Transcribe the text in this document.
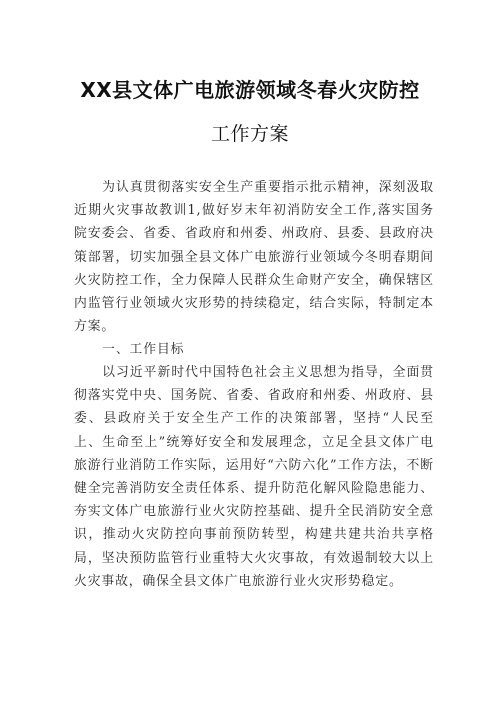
XX县文体广电旅游领域冬春火灾防控
工作方案
为认真贯彻落实安全生产重要指示批示精神，深刻汲取近期火灾事故教训1,做好岁末年初消防安全工作,落实国务院安委会、省委、省政府和州委、州政府、县委、县政府决策部署，切实加强全县文体广电旅游行业领域今冬明春期间火灾防控工作，全力保障人民群众生命财产安全，确保辖区内监管行业领域火灾形势的持续稳定，结合实际，特制定本方案。
一、工作目标
以习近平新时代中国特色社会主义思想为指导，全面贯彻落实党中央、国务院、省委、省政府和州委、州政府、县委、县政府关于安全生产工作的决策部署，坚持“人民至上、生命至上”统筹好安全和发展理念，立足全县文体广电旅游行业消防工作实际，运用好“六防六化”工作方法，不断健全完善消防安全责任体系、提升防范化解风险隐患能力、夯实文体广电旅游行业火灾防控基础、提升全民消防安全意识，推动火灾防控向事前预防转型，构建共建共治共享格局，坚决预防监管行业重特大火灾事故，有效遏制较大以上火灾事故，确保全县文体广电旅游行业火灾形势稳定。
